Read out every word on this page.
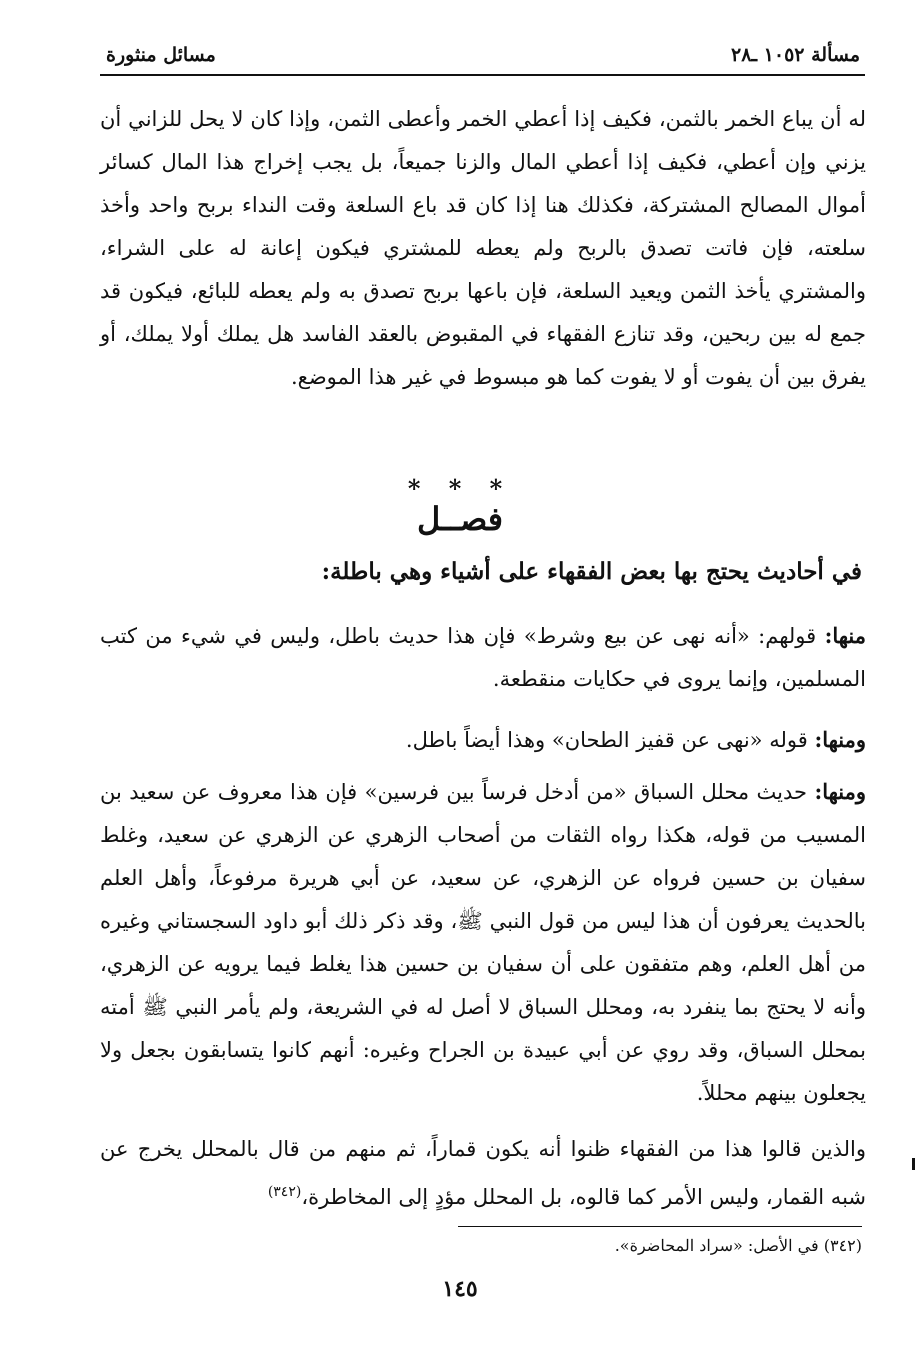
مسألة ١٠٥٢ ـ٢٨
مسائل منثورة
له أن يباع الخمر بالثمن، فكيف إذا أعطي الخمر وأعطى الثمن، وإذا كان لا يحل للزاني أن يزني وإن أعطي، فكيف إذا أعطي المال والزنا جميعاً، بل يجب إخراج هذا المال كسائر أموال المصالح المشتركة، فكذلك هنا إذا كان قد باع السلعة وقت النداء بربح واحد وأخذ سلعته، فإن فاتت تصدق بالربح ولم يعطه للمشتري فيكون إعانة له على الشراء، والمشتري يأخذ الثمن ويعيد السلعة، فإن باعها بربح تصدق به ولم يعطه للبائع، فيكون قد جمع له بين ربحين، وقد تنازع الفقهاء في المقبوض بالعقد الفاسد هل يملك أولا يملك، أو يفرق بين أن يفوت أو لا يفوت كما هو مبسوط في غير هذا الموضع.
* * *
فصــل
في أحاديث يحتج بها بعض الفقهاء على أشياء وهي باطلة:
منها: قولهم: «أنه نهى عن بيع وشرط» فإن هذا حديث باطل، وليس في شيء من كتب المسلمين، وإنما يروى في حكايات منقطعة.
ومنها: قوله «نهى عن قفيز الطحان» وهذا أيضاً باطل.
ومنها: حديث محلل السباق «من أدخل فرساً بين فرسين» فإن هذا معروف عن سعيد بن المسيب من قوله، هكذا رواه الثقات من أصحاب الزهري عن الزهري عن سعيد، وغلط سفيان بن حسين فرواه عن الزهري، عن سعيد، عن أبي هريرة مرفوعاً، وأهل العلم بالحديث يعرفون أن هذا ليس من قول النبي ﷺ، وقد ذكر ذلك أبو داود السجستاني وغيره من أهل العلم، وهم متفقون على أن سفيان بن حسين هذا يغلط فيما يرويه عن الزهري، وأنه لا يحتج بما ينفرد به، ومحلل السباق لا أصل له في الشريعة، ولم يأمر النبي ﷺ أمته بمحلل السباق، وقد روي عن أبي عبيدة بن الجراح وغيره: أنهم كانوا يتسابقون بجعل ولا يجعلون بينهم محللاً.
والذين قالوا هذا من الفقهاء ظنوا أنه يكون قماراً، ثم منهم من قال بالمحلل يخرج عن شبه القمار، وليس الأمر كما قالوه، بل المحلل مؤدٍ إلى المخاطرة،$^{(٣٤٢)}$
(٣٤٢) في الأصل: «سراد المحاضرة».
١٤٥
